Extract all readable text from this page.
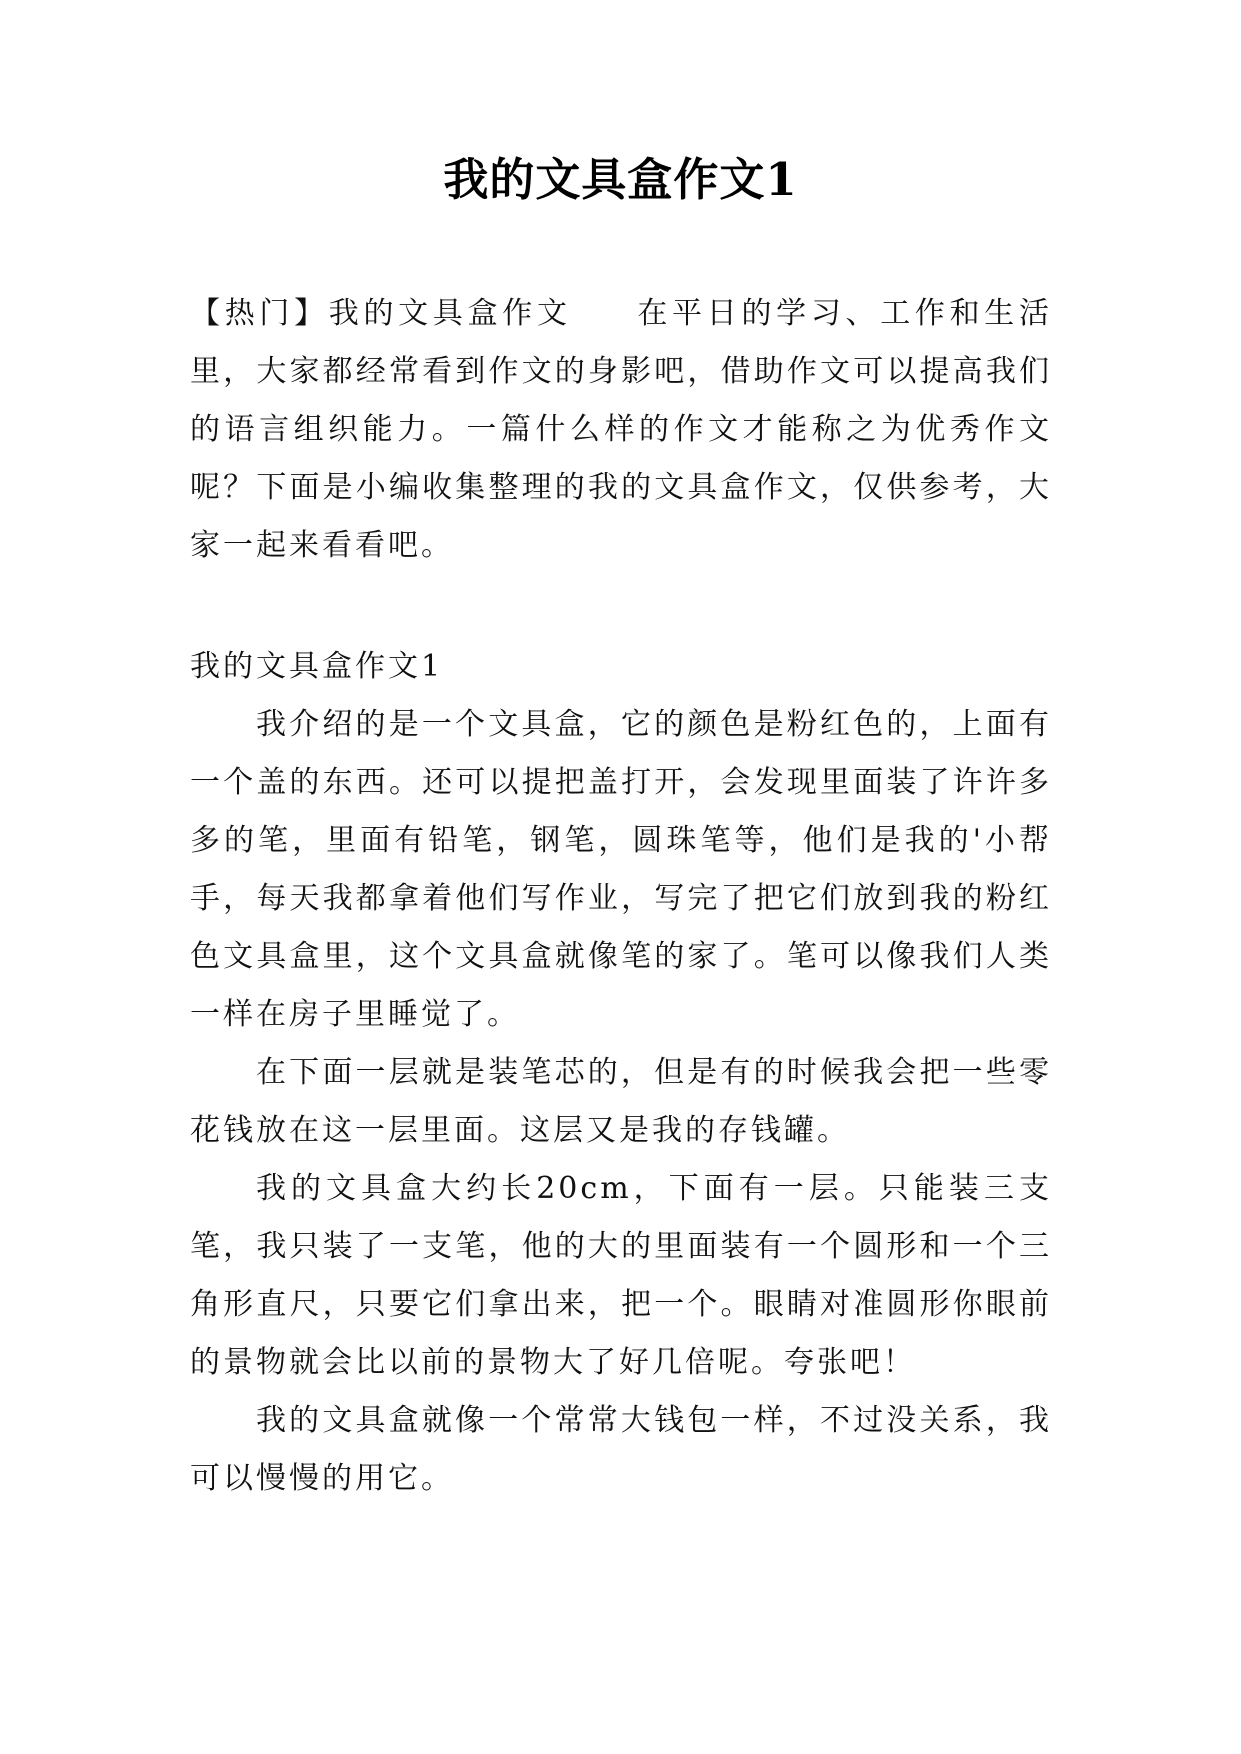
我的文具盒作文1

【热门】我的文具盒作文 在平日的学习、工作和生活里，大家都经常看到作文的身影吧，借助作文可以提高我们的语言组织能力。一篇什么样的作文才能称之为优秀作文呢？下面是小编收集整理的我的文具盒作文，仅供参考，大家一起来看看吧。

我的文具盒作文1

我介绍的是一个文具盒，它的颜色是粉红色的，上面有一个盖的东西。还可以提把盖打开，会发现里面装了许许多多的笔，里面有铅笔，钢笔，圆珠笔等，他们是我的'小帮手，每天我都拿着他们写作业，写完了把它们放到我的粉红色文具盒里，这个文具盒就像笔的家了。笔可以像我们人类一样在房子里睡觉了。

在下面一层就是装笔芯的，但是有的时候我会把一些零花钱放在这一层里面。这层又是我的存钱罐。

我的文具盒大约长20cm，下面有一层。只能装三支笔，我只装了一支笔，他的大的里面装有一个圆形和一个三角形直尺，只要它们拿出来，把一个。眼睛对准圆形你眼前的景物就会比以前的景物大了好几倍呢。夸张吧！

我的文具盒就像一个常常大钱包一样，不过没关系，我可以慢慢的用它。
